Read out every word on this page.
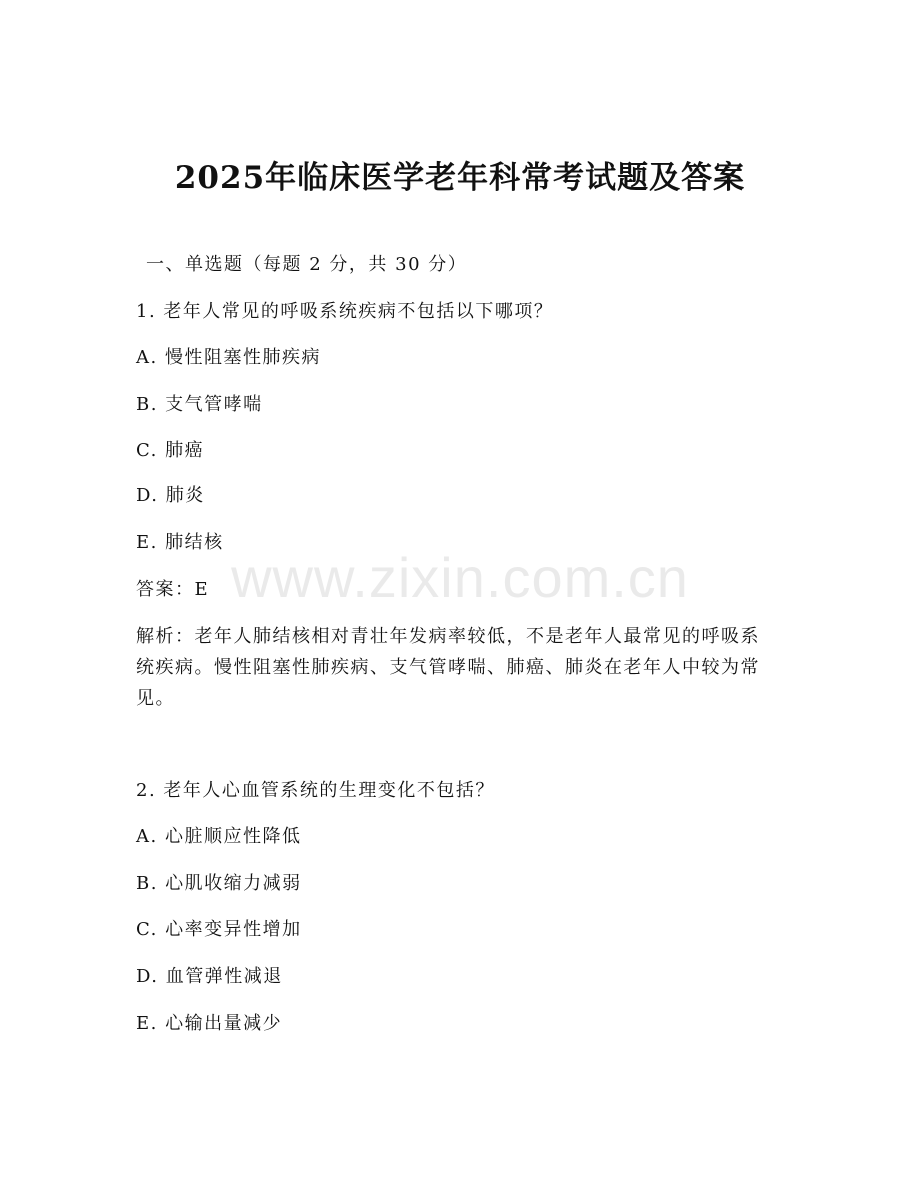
2025年临床医学老年科常考试题及答案
一、单选题（每题 2 分，共 30 分）
1. 老年人常见的呼吸系统疾病不包括以下哪项？
A. 慢性阻塞性肺疾病
B. 支气管哮喘
C. 肺癌
D. 肺炎
E. 肺结核
答案：E
解析：老年人肺结核相对青壮年发病率较低，不是老年人最常见的呼吸系统疾病。慢性阻塞性肺疾病、支气管哮喘、肺癌、肺炎在老年人中较为常见。
2. 老年人心血管系统的生理变化不包括？
A. 心脏顺应性降低
B. 心肌收缩力减弱
C. 心率变异性增加
D. 血管弹性减退
E. 心输出量减少
www.zixin.com.cn
